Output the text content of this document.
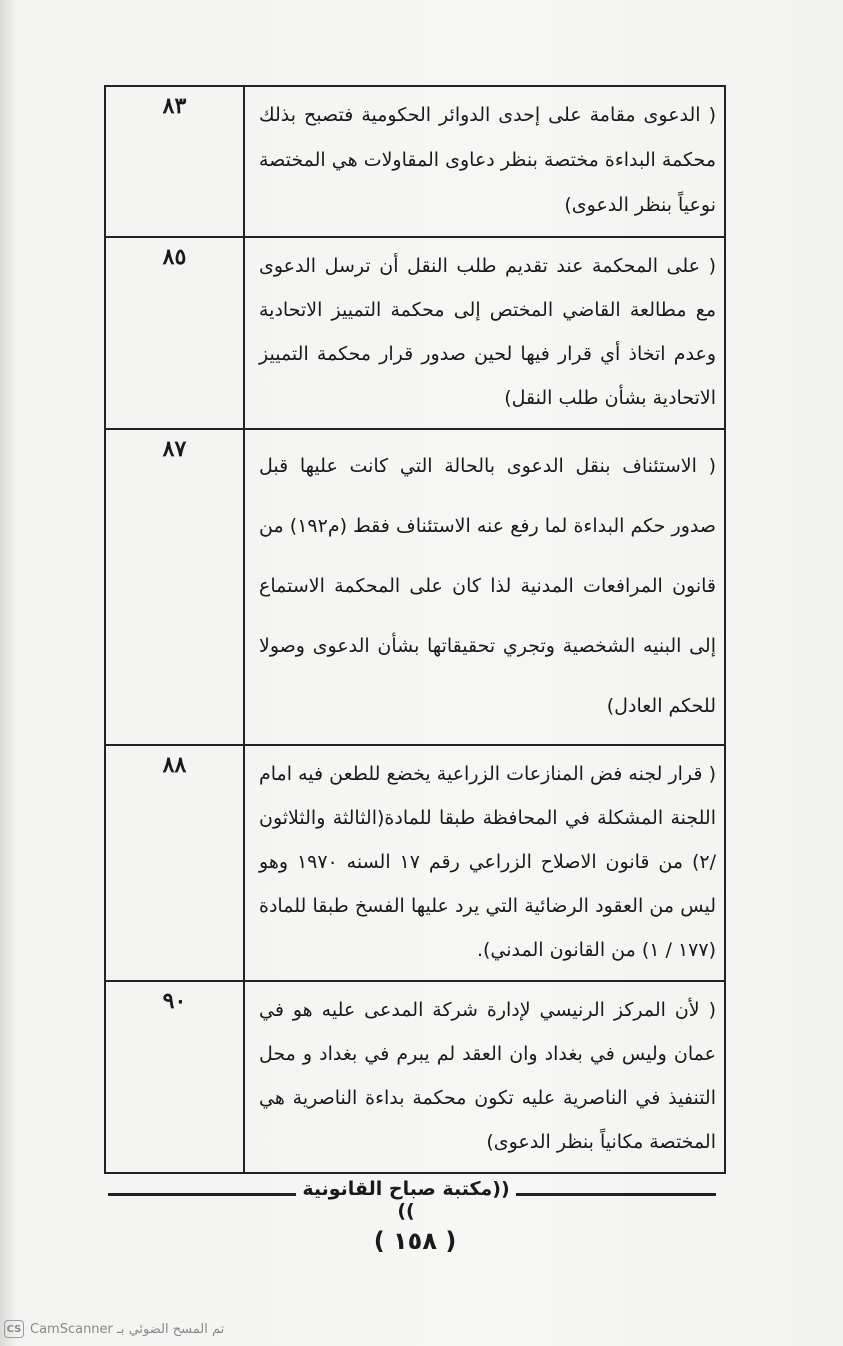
٨٣	( الدعوى مقامة على إحدى الدوائر الحكومية فتصبح بذلك محكمة البداءة مختصة بنظر دعاوى المقاولات هي المختصة نوعياً بنظر الدعوى)
٨٥	( على المحكمة عند تقديم طلب النقل أن ترسل الدعوى مع مطالعة القاضي المختص إلى محكمة التمييز الاتحادية وعدم اتخاذ أي قرار فيها لحين صدور قرار محكمة التمييز الاتحادية بشأن طلب النقل)
٨٧	( الاستئناف بنقل الدعوى بالحالة التي كانت عليها قبل صدور حكم البداءة لما رفع عنه الاستئناف فقط (م١٩٢) من قانون المرافعات المدنية لذا كان على المحكمة الاستماع إلى البنيه الشخصية وتجري تحقيقاتها بشأن الدعوى وصولا للحكم العادل)
٨٨	( قرار لجنه فض المنازعات الزراعية يخضع للطعن فيه امام اللجنة المشكلة في المحافظة طبقا للمادة(الثالثة والثلاثون /٢) من قانون الاصلاح الزراعي رقم ١٧ السنه ١٩٧٠ وهو ليس من العقود الرضائية التي يرد عليها الفسخ طبقا للمادة (١٧٧ / ١) من القانون المدني).
٩٠	( لأن المركز الرنيسي لإدارة شركة المدعى عليه هو في عمان وليس في بغداد وان العقد لم يبرم في بغداد و محل التنفيذ في الناصرية عليه تكون محكمة بداءة الناصرية هي المختصة مكانياً بنظر الدعوى)
((مكتبة صباح القانونية ))
( ١٥٨ )
CS تم المسح الضوئي بـ CamScanner
